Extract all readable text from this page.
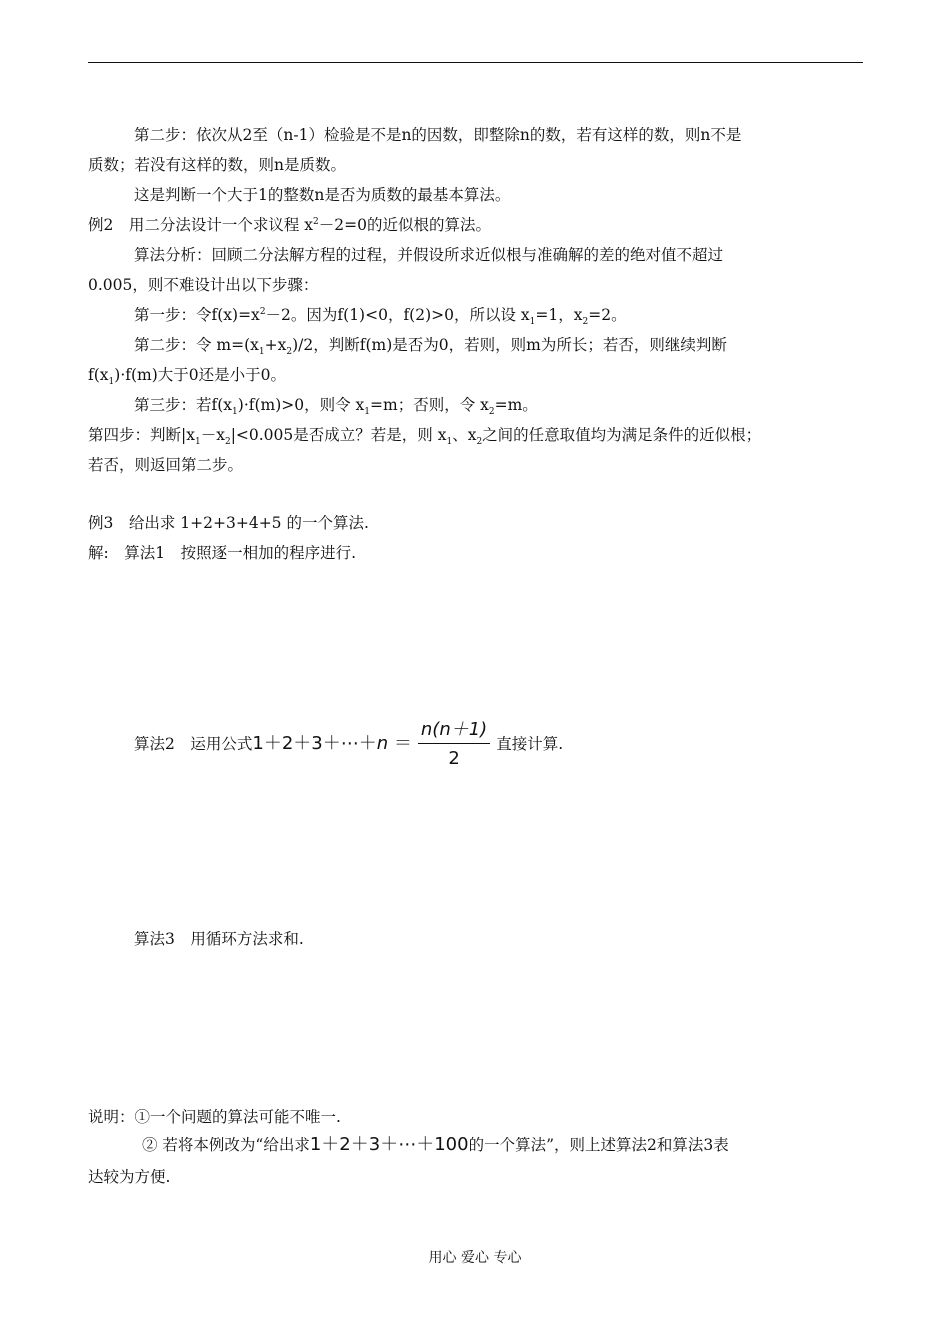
第二步：依次从2至（n-1）检验是不是n的因数，即整除n的数，若有这样的数，则n不是
质数；若没有这样的数，则n是质数。
这是判断一个大于1的整数n是否为质数的最基本算法。
例2　用二分法设计一个求议程 $x^2-2=0$的近似根的算法。
算法分析：回顾二分法解方程的过程，并假设所求近似根与准确解的差的绝对值不超过
0.005，则不难设计出以下步骤：
第一步：令$f(x)=x^2-2$。因为f(1)<0，f(2)>0，所以设 $x_1=1$，$x_2=2$。
第二步：令 $m=(x_1+x_2)/2$，判断f(m)是否为0，若则，则m为所长；若否，则继续判断
$f(x_1)\cdot f(m)$大于0还是小于0。
第三步：若$f(x_1)\cdot f(m)>0$，则令 $x_1=m$；否则，令 $x_2=m$。
第四步：判断$|x_1-x_2|<0.005$是否成立？若是，则 $x_1$、$x_2$之间的任意取值均为满足条件的近似根；
若否，则返回第二步。
例3　给出求 1+2+3+4+5 的一个算法.
解:　算法1　按照逐一相加的程序进行.
算法2　运用公式1＋2＋3＋⋯＋n ＝ $\frac{n(n+1)}{2}$ 直接计算.
算法3　用循环方法求和.
说明：①一个问题的算法可能不唯一.
② 若将本例改为“给出求1＋2＋3＋⋯＋100的一个算法”，则上述算法2和算法3表
达较为方便.
用心 爱心 专心
